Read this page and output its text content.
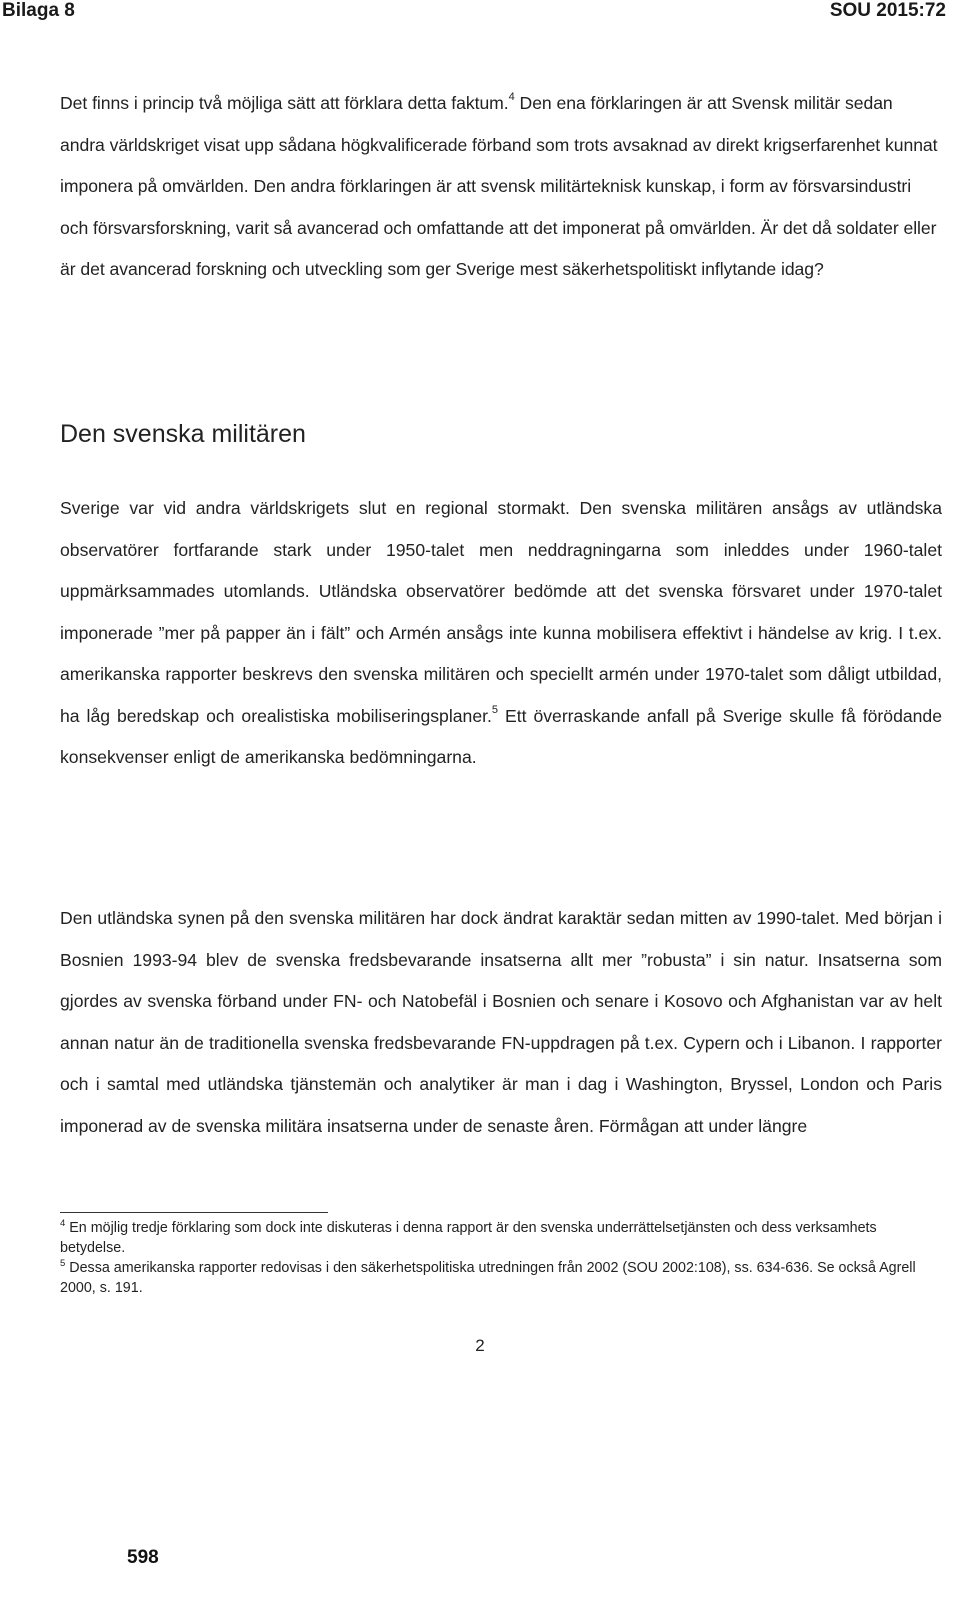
Bilaga 8	SOU 2015:72

Det finns i princip två möjliga sätt att förklara detta faktum.$^4$ Den ena förklaringen är att Svensk militär sedan andra världskriget visat upp sådana högkvalificerade förband som trots avsaknad av direkt krigserfarenhet kunnat imponera på omvärlden. Den andra förklaringen är att svensk militärteknisk kunskap, i form av försvarsindustri och försvarsforskning, varit så avancerad och omfattande att det imponerat på omvärlden. Är det då soldater eller är det avancerad forskning och utveckling som ger Sverige mest säkerhetspolitiskt inflytande idag?

Den svenska militären

Sverige var vid andra världskrigets slut en regional stormakt. Den svenska militären ansågs av utländska observatörer fortfarande stark under 1950-talet men neddragningarna som inleddes under 1960-talet uppmärksammades utomlands. Utländska observatörer bedömde att det svenska försvaret under 1970-talet imponerade ”mer på papper än i fält” och Armén ansågs inte kunna mobilisera effektivt i händelse av krig. I t.ex. amerikanska rapporter beskrevs den svenska militären och speciellt armén under 1970-talet som dåligt utbildad, ha låg beredskap och orealistiska mobiliseringsplaner.$^5$ Ett överraskande anfall på Sverige skulle få förödande konsekvenser enligt de amerikanska bedömningarna.

Den utländska synen på den svenska militären har dock ändrat karaktär sedan mitten av 1990-talet. Med början i Bosnien 1993-94 blev de svenska fredsbevarande insatserna allt mer ”robusta” i sin natur. Insatserna som gjordes av svenska förband under FN- och Natobefäl i Bosnien och senare i Kosovo och Afghanistan var av helt annan natur än de traditionella svenska fredsbevarande FN-uppdragen på t.ex. Cypern och i Libanon. I rapporter och i samtal med utländska tjänstemän och analytiker är man i dag i Washington, Bryssel, London och Paris imponerad av de svenska militära insatserna under de senaste åren. Förmågan att under längre

$^4$ En möjlig tredje förklaring som dock inte diskuteras i denna rapport är den svenska underrättelsetjänsten och dess verksamhets betydelse.

$^5$ Dessa amerikanska rapporter redovisas i den säkerhetspolitiska utredningen från 2002 (SOU 2002:108), ss. 634-636. Se också Agrell 2000, s. 191.

2
598
